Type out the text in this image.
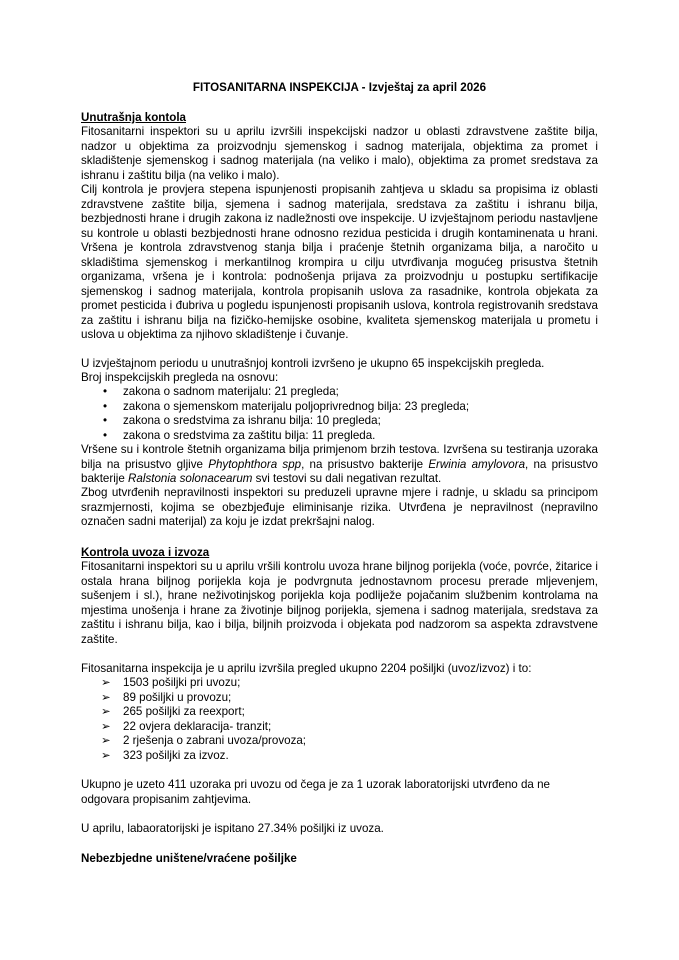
FITOSANITARNA INSPEKCIJA - Izvještaj za april 2026
Unutrašnja kontola

Fitosanitarni inspektori su u aprilu izvršili inspekcijski nadzor u oblasti zdravstvene zaštite bilja, nadzor u objektima za proizvodnju sjemenskog i sadnog materijala, objektima za promet i skladištenje sjemenskog i sadnog materijala (na veliko i malo), objektima za promet sredstava za ishranu i zaštitu bilja (na veliko i malo).

Cilj kontrola je provjera stepena ispunjenosti propisanih zahtjeva u skladu sa propisima iz oblasti zdravstvene zaštite bilja, sjemena i sadnog materijala, sredstava za zaštitu i ishranu bilja, bezbjednosti hrane i drugih zakona iz nadležnosti ove inspekcije. U izvještajnom periodu nastavljene su kontrole u oblasti bezbjednosti hrane odnosno rezidua pesticida i drugih kontaminenata u hrani. Vršena je kontrola zdravstvenog stanja bilja i praćenje štetnih organizama bilja, a naročito u skladištima sjemenskog i merkantilnog krompira u cilju utvrđivanja mogućeg prisustva štetnih organizama, vršena je i kontrola: podnošenja prijava za proizvodnju u postupku sertifikacije sjemenskog i sadnog materijala, kontrola propisanih uslova za rasadnike, kontrola objekata za promet pesticida i đubriva u pogledu ispunjenosti propisanih uslova, kontrola registrovanih sredstava za zaštitu i ishranu bilja na fizičko-hemijske osobine, kvaliteta sjemenskog materijala u prometu i uslova u objektima za njihovo skladištenje i čuvanje.

U izvještajnom periodu u unutrašnjoj kontroli izvršeno je ukupno 65 inspekcijskih pregleda.

Broj inspekcijskih pregleda na osnovu:

• zakona o sadnom materijalu: 21 pregleda;
• zakona o sjemenskom materijalu poljoprivrednog bilja: 23 pregleda;
• zakona o sredstvima za ishranu bilja: 10 pregleda;
• zakona o sredstvima za zaštitu bilja: 11 pregleda.

Vršene su i kontrole štetnih organizama bilja primjenom brzih testova. Izvršena su testiranja uzoraka bilja na prisustvo gljive Phytophthora spp, na prisustvo bakterije Erwinia amylovora, na prisustvo bakterije Ralstonia solonacearum svi testovi su dali negativan rezultat.

Zbog utvrđenih nepravilnosti inspektori su preduzeli upravne mjere i radnje, u skladu sa principom srazmjernosti, kojima se obezbjeđuje eliminisanje rizika. Utvrđena je nepravilnost (nepravilno označen sadni materijal) za koju je izdat prekršajni nalog.

Kontrola uvoza i izvoza

Fitosanitarni inspektori su u aprilu vršili kontrolu uvoza hrane biljnog porijekla (voće, povrće, žitarice i ostala hrana biljnog porijekla koja je podvrgnuta jednostavnom procesu prerade mljevenjem, sušenjem i sl.), hrane neživotinjskog porijekla koja podliježe pojačanim službenim kontrolama na mjestima unošenja i hrane za životinje biljnog porijekla, sjemena i sadnog materijala, sredstava za zaštitu i ishranu bilja, kao i bilja, biljnih proizvoda i objekata pod nadzorom sa aspekta zdravstvene zaštite.

Fitosanitarna inspekcija je u aprilu izvršila pregled ukupno 2204 pošiljki (uvoz/izvoz) i to:

➢ 1503 pošiljki pri uvozu;
➢ 89 pošiljki u provozu;
➢ 265 pošiljki za reexport;
➢ 22 ovjera deklaracija- tranzit;
➢ 2 rješenja o zabrani uvoza/provoza;
➢ 323 pošiljki za izvoz.

Ukupno je uzeto 411 uzoraka pri uvozu od čega je za 1 uzorak laboratorijski utvrđeno da ne odgovara propisanim zahtjevima.

U aprilu, labaoratorijski je ispitano 27.34% pošiljki iz uvoza.

Nebezbjedne uništene/vraćene pošiljke
